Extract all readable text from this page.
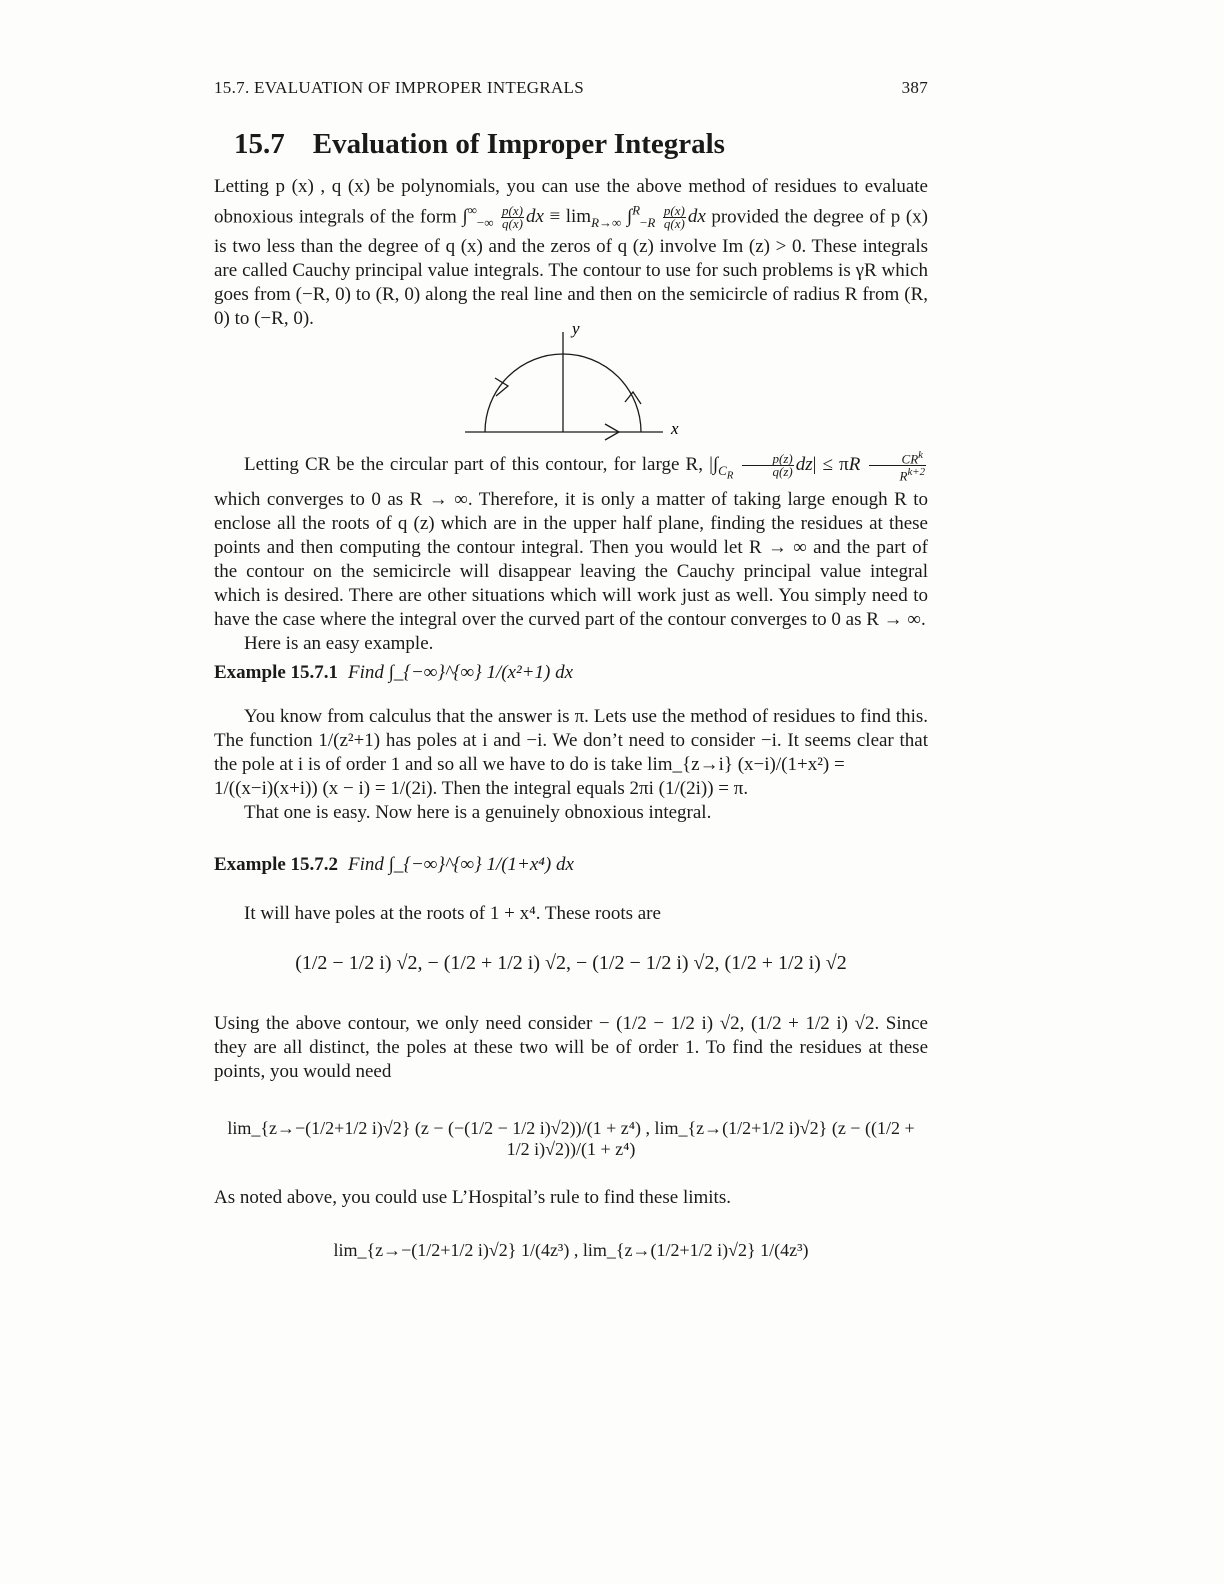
15.7. EVALUATION OF IMPROPER INTEGRALS	387
15.7 Evaluation of Improper Integrals

Letting p (x) , q (x) be polynomials, you can use the above method of residues to evaluate obnoxious integrals of the form $\int^\infty_{-\infty} \frac{p(x)}{q(x)}$ dx ≡ $\lim_{R\to\infty} \int^R_{-R} \frac{p(x)}{q(x)}$ dx provided the degree of p (x) is two less than the degree of q (x) and the zeros of q (z) involve Im (z) > 0. These integrals are called Cauchy principal value integrals. The contour to use for such problems is γR which goes from (−R, 0) to (R, 0) along the real line and then on the semicircle of radius R from (R, 0) to (−R, 0).	y
x

Letting CR be the circular part of this contour, for large R, $|\int_{C_R} \frac{p(z)}{q(z)} dz| \le \pi R \frac{CR^k}{R^{k+2}}$
which converges to 0 as R → ∞. Therefore, it is only a matter of taking large enough R to enclose all the roots of q (z) which are in the upper half plane, finding the residues at these points and then computing the contour integral. Then you would let R → ∞ and the part of the contour on the semicircle will disappear leaving the Cauchy principal value integral which is desired. There are other situations which will work just as well. You simply need to have the case where the integral over the curved part of the contour converges to 0 as R → ∞.

Here is an easy example.

Example 15.7.1 Find ∫_{−∞}^{∞} 1/(x²+1) dx

You know from calculus that the answer is π. Lets use the method of residues to find this. The function 1/(z²+1) has poles at i and −i. We don’t need to consider −i. It seems clear that the pole at i is of order 1 and so all we have to do is take lim_{z→i} (x−i)/(1+x²) =

1/((x−i)(x+i)) (x − i) = 1/(2i). Then the integral equals 2πi (1/(2i)) = π.

That one is easy. Now here is a genuinely obnoxious integral.

Example 15.7.2 Find ∫_{−∞}^{∞} 1/(1+x⁴) dx

It will have poles at the roots of 1 + x⁴. These roots are

(1/2 − 1/2 i) √2, − (1/2 + 1/2 i) √2, − (1/2 − 1/2 i) √2, (1/2 + 1/2 i) √2

Using the above contour, we only need consider − (1/2 − 1/2 i) √2, (1/2 + 1/2 i) √2. Since they are all distinct, the poles at these two will be of order 1. To find the residues at these points, you would need

lim_{z→−(1/2+1/2 i)√2} (z − (−(1/2 − 1/2 i)√2))/(1 + z⁴) , lim_{z→(1/2+1/2 i)√2} (z − ((1/2 + 1/2 i)√2))/(1 + z⁴)

As noted above, you could use L’Hospital’s rule to find these limits.

lim_{z→−(1/2+1/2 i)√2} 1/(4z³) , lim_{z→(1/2+1/2 i)√2} 1/(4z³)
